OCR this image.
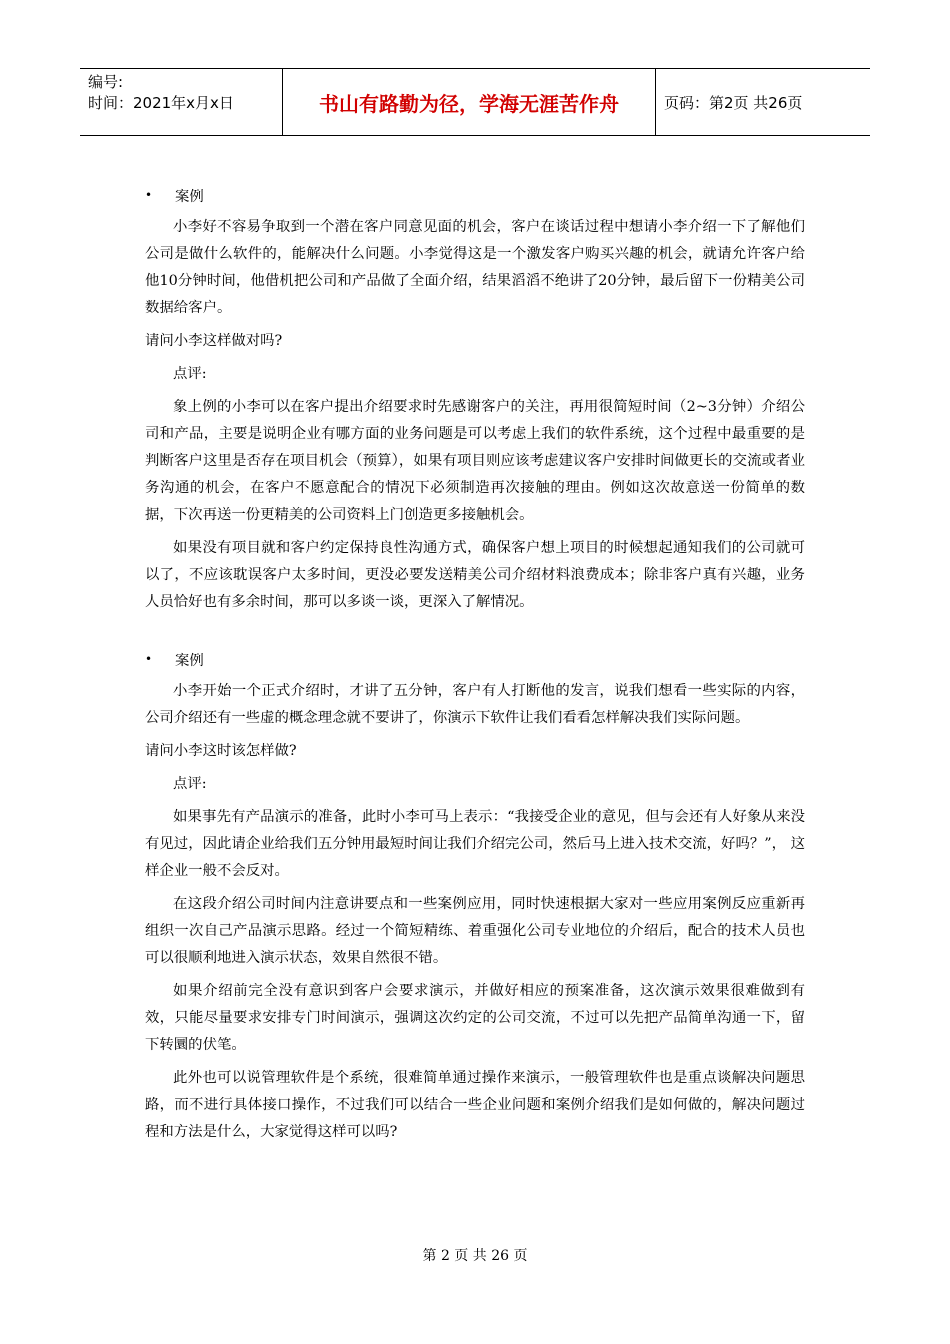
编号:
时间：2021年x月x日	书山有路勤为径，学海无涯苦作舟	页码：第2页 共26页
•	案例

小李好不容易争取到一个潜在客户同意见面的机会，客户在谈话过程中想请小李介绍一下了解他们公司是做什么软件的，能解决什么问题。小李觉得这是一个激发客户购买兴趣的机会，就请允许客户给他10分钟时间，他借机把公司和产品做了全面介绍，结果滔滔不绝讲了20分钟，最后留下一份精美公司数据给客户。

请问小李这样做对吗?

点评:

象上例的小李可以在客户提出介绍要求时先感谢客户的关注，再用很简短时间（2~3分钟）介绍公司和产品，主要是说明企业有哪方面的业务问题是可以考虑上我们的软件系统，这个过程中最重要的是判断客户这里是否存在项目机会（预算），如果有项目则应该考虑建议客户安排时间做更长的交流或者业务沟通的机会，在客户不愿意配合的情况下必须制造再次接触的理由。例如这次故意送一份简单的数据，下次再送一份更精美的公司资料上门创造更多接触机会。

如果没有项目就和客户约定保持良性沟通方式，确保客户想上项目的时候想起通知我们的公司就可以了，不应该耽误客户太多时间，更没必要发送精美公司介绍材料浪费成本；除非客户真有兴趣，业务人员恰好也有多余时间，那可以多谈一谈，更深入了解情况。

•	案例

小李开始一个正式介绍时，才讲了五分钟，客户有人打断他的发言，说我们想看一些实际的内容，公司介绍还有一些虚的概念理念就不要讲了，你演示下软件让我们看看怎样解决我们实际问题。

请问小李这时该怎样做?

点评:

如果事先有产品演示的准备，此时小李可马上表示：“我接受企业的意见，但与会还有人好象从来没有见过，因此请企业给我们五分钟用最短时间让我们介绍完公司，然后马上进入技术交流，好吗？”， 这样企业一般不会反对。

在这段介绍公司时间内注意讲要点和一些案例应用，同时快速根据大家对一些应用案例反应重新再组织一次自己产品演示思路。经过一个简短精练、着重强化公司专业地位的介绍后，配合的技术人员也可以很顺利地进入演示状态，效果自然很不错。

如果介绍前完全没有意识到客户会要求演示，并做好相应的预案准备，这次演示效果很难做到有效，只能尽量要求安排专门时间演示，强调这次约定的公司交流，不过可以先把产品简单沟通一下，留下转圜的伏笔。

此外也可以说管理软件是个系统，很难简单通过操作来演示，一般管理软件也是重点谈解决问题思路，而不进行具体接口操作，不过我们可以结合一些企业问题和案例介绍我们是如何做的，解决问题过程和方法是什么，大家觉得这样可以吗?

第 2 页 共 26 页
